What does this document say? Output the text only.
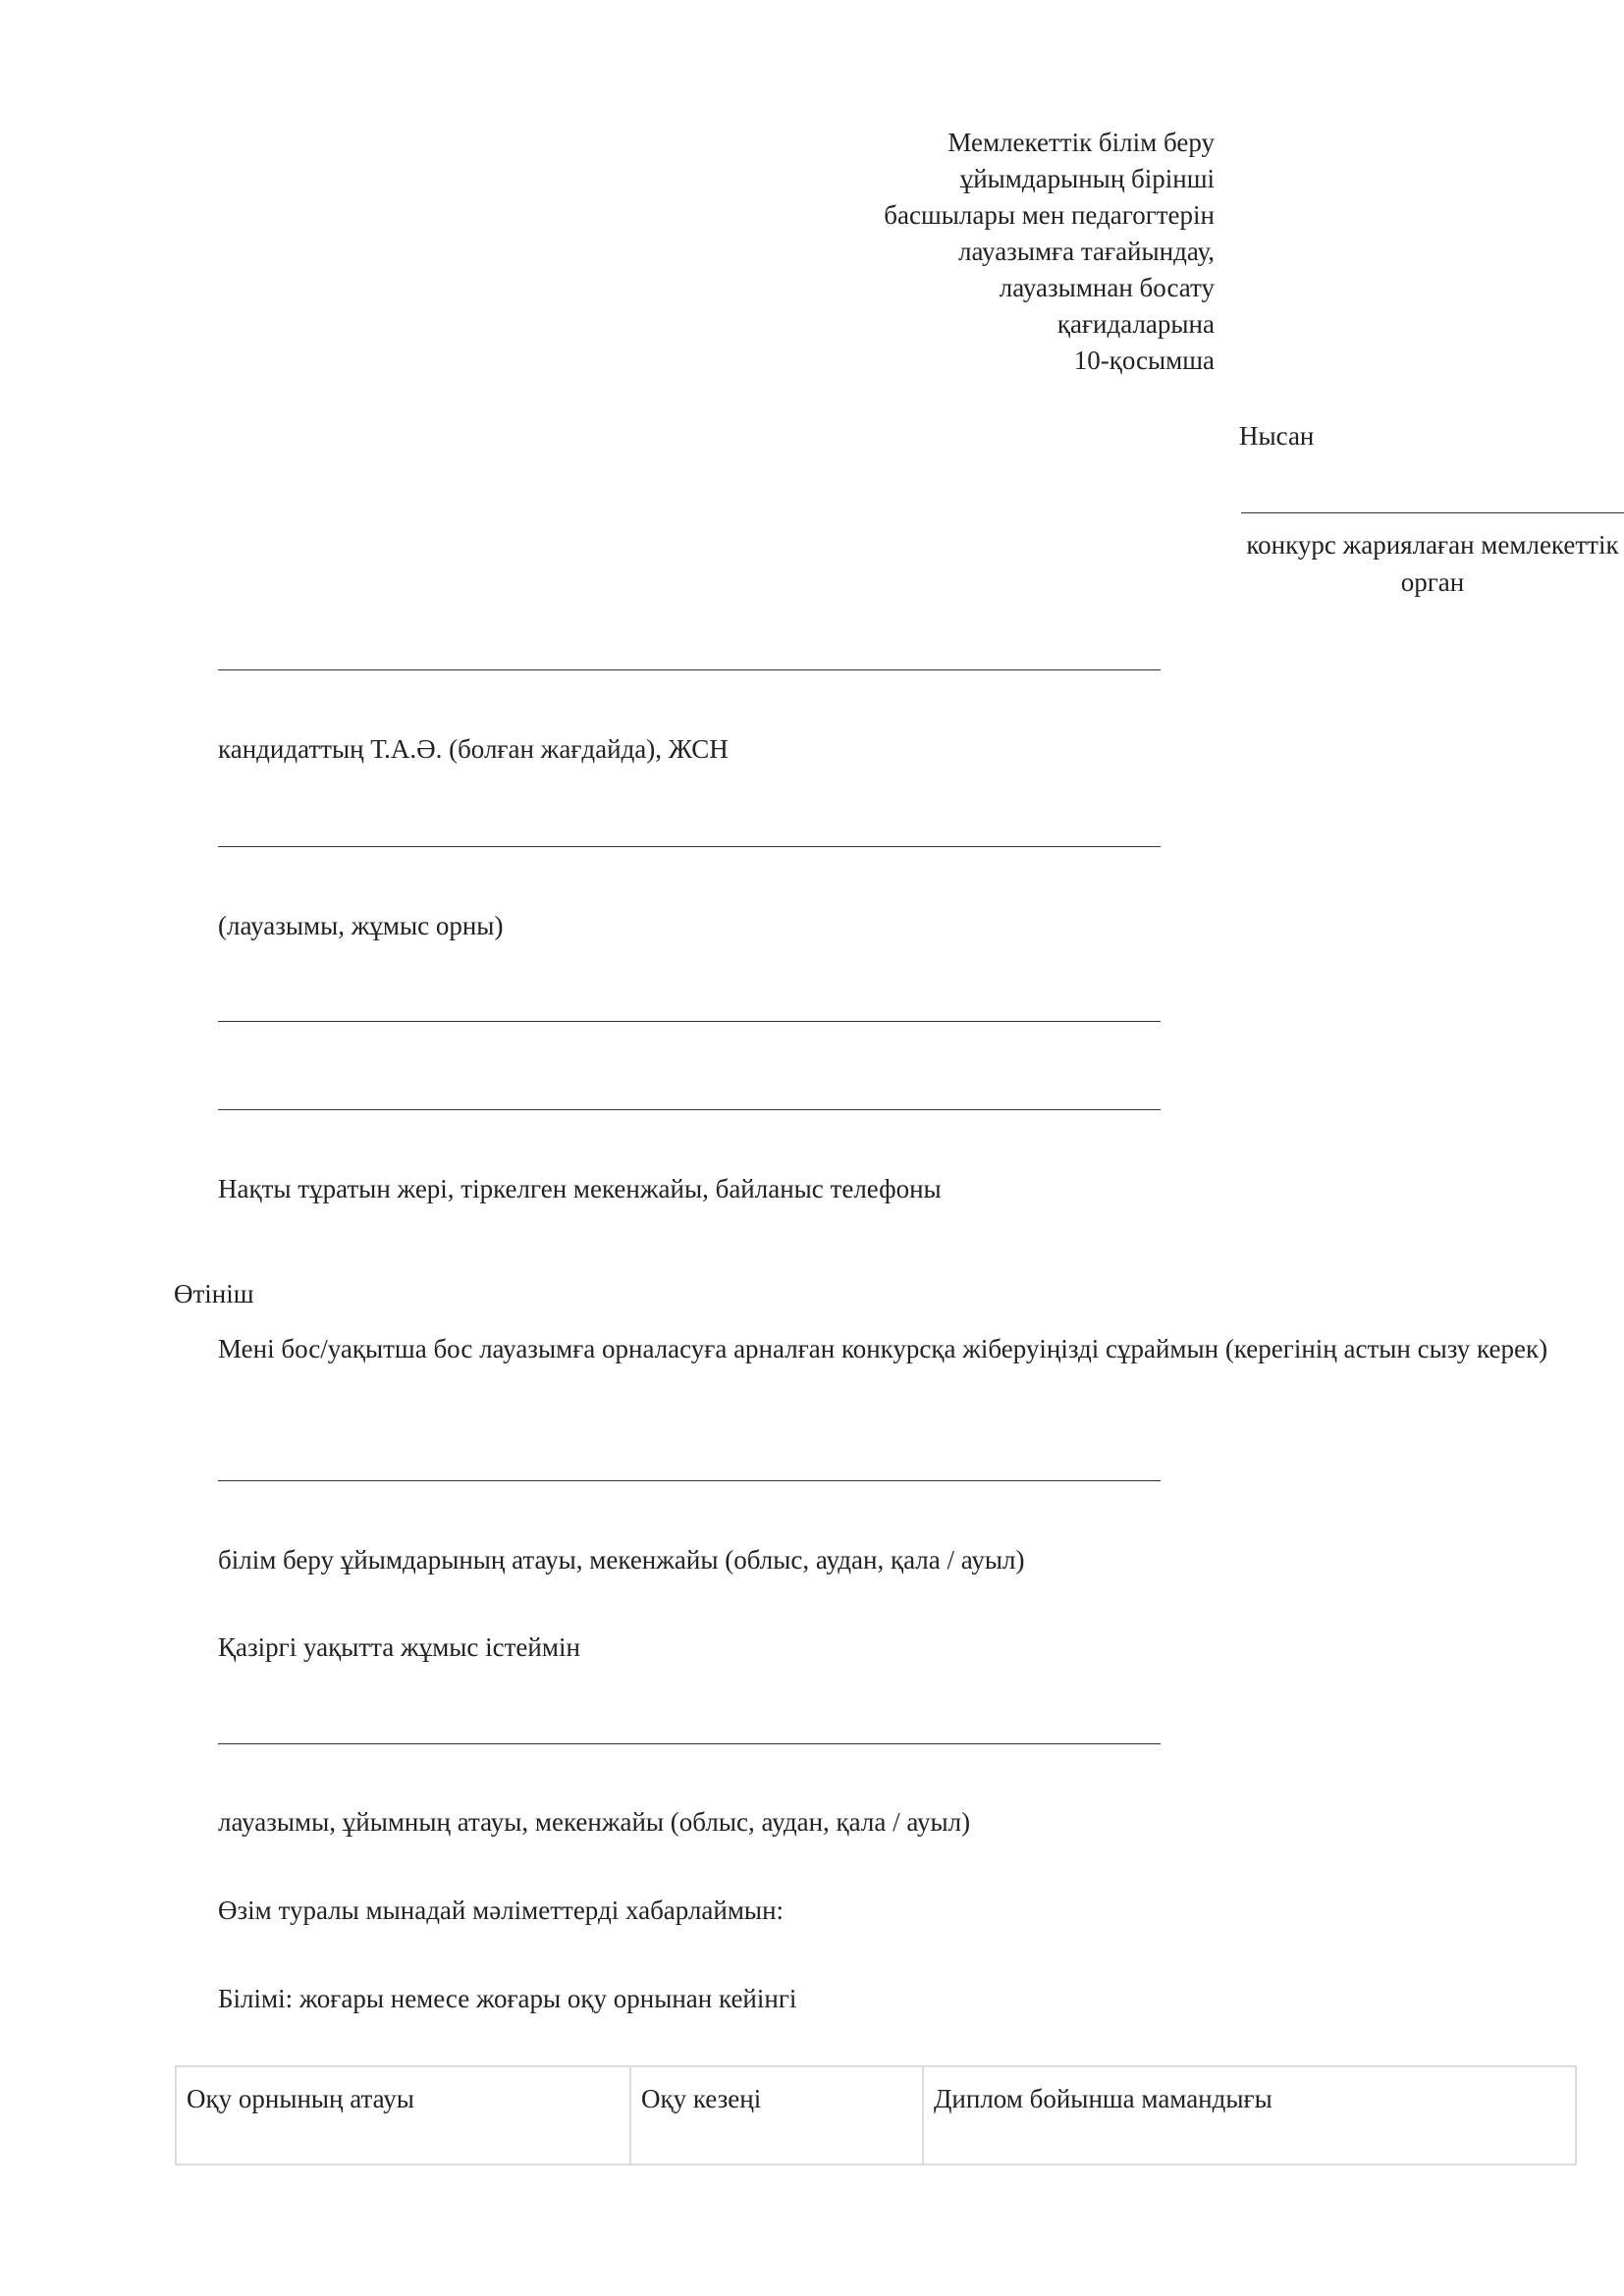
Мемлекеттік білім беру
ұйымдарының бірінші
басшылары мен педагогтерін
лауазымға тағайындау,
лауазымнан босату
қағидаларына
10-қосымша
Нысан
конкурс жариялаған мемлекеттік орган
кандидаттың Т.А.Ә. (болған жағдайда), ЖСН
(лауазымы, жұмыс орны)
Нақты тұратын жері, тіркелген мекенжайы, байланыс телефоны
Өтініш
Мені бос/уақытша бос лауазымға орналасуға арналған конкурсқа жіберуіңізді сұраймын (керегінің астын сызу керек)
білім беру ұйымдарының атауы, мекенжайы (облыс, аудан, қала / ауыл)
Қазіргі уақытта жұмыс істеймін
лауазымы, ұйымның атауы, мекенжайы (облыс, аудан, қала / ауыл)
Өзім туралы мынадай мәліметтерді хабарлаймын:
Білімі: жоғары немесе жоғары оқу орнынан кейінгі
Оқу орнының атауы	Оқу кезеңі	Диплом бойынша мамандығы
